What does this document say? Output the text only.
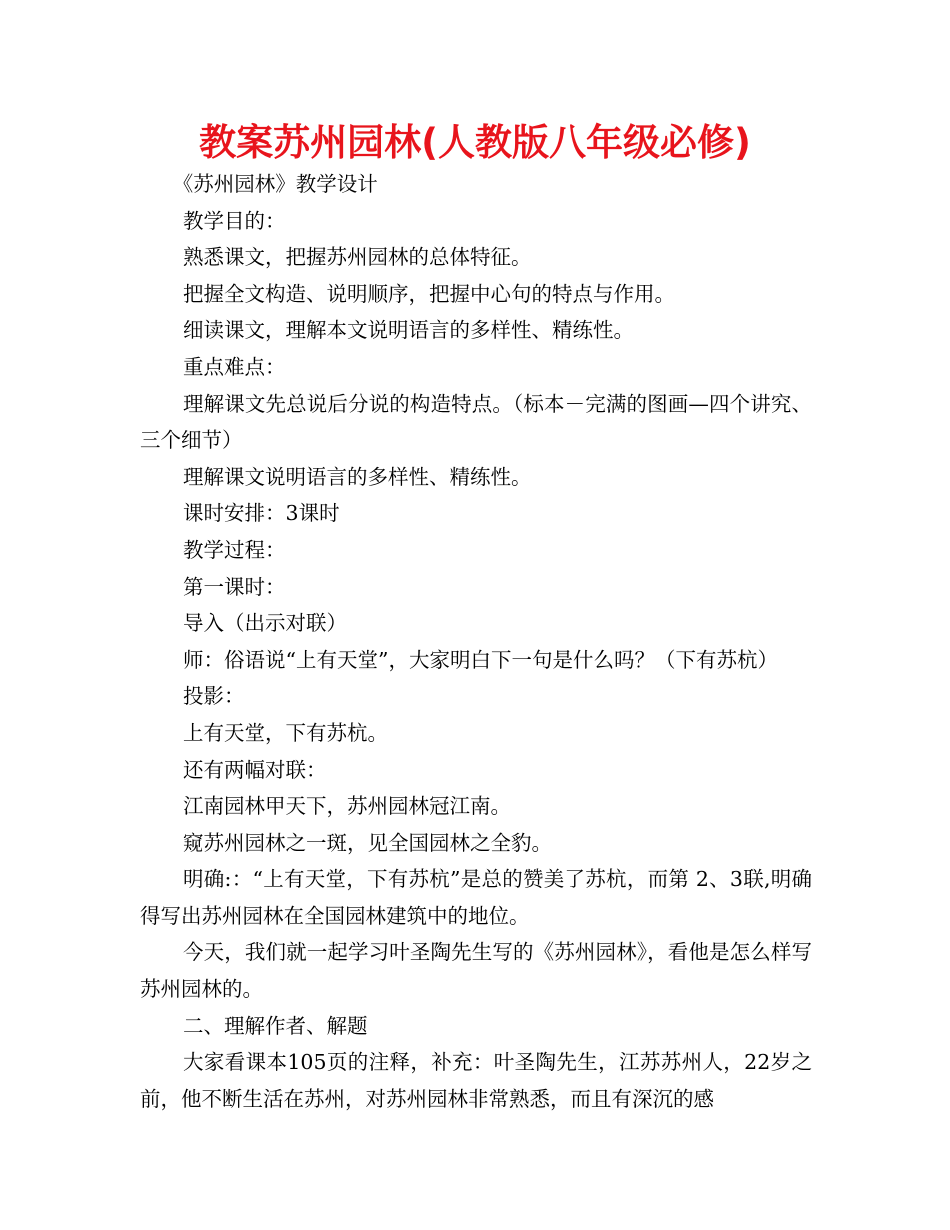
教案苏州园林(人教版八年级必修)

《苏州园林》教学设计

教学目的：

熟悉课文，把握苏州园林的总体特征。

把握全文构造、说明顺序，把握中心句的特点与作用。

细读课文，理解本文说明语言的多样性、精练性。

重点难点：

理解课文先总说后分说的构造特点。（标本－完满的图画—四个讲究、三个细节）

理解课文说明语言的多样性、精练性。

课时安排：3课时

教学过程：

第一课时：

导入（出示对联）

师：俗语说“上有天堂”，大家明白下一句是什么吗？（下有苏杭）

投影：

上有天堂，下有苏杭。

还有两幅对联：

江南园林甲天下，苏州园林冠江南。

窥苏州园林之一斑，见全国园林之全豹。

明确:：“上有天堂，下有苏杭”是总的赞美了苏杭，而第 2、3联,明确得写出苏州园林在全国园林建筑中的地位。

今天，我们就一起学习叶圣陶先生写的《苏州园林》，看他是怎么样写苏州园林的。

二、理解作者、解题

大家看课本105页的注释，补充：叶圣陶先生，江苏苏州人，22岁之前，他不断生活在苏州，对苏州园林非常熟悉，而且有深沉的感
